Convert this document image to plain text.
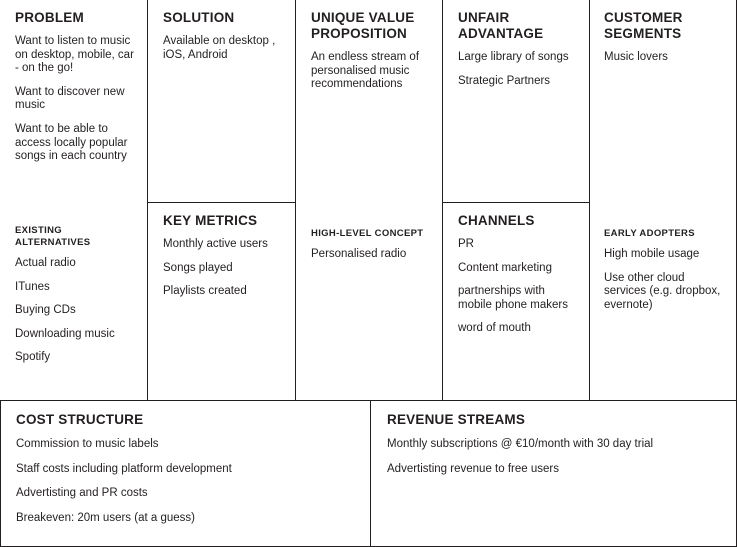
PROBLEM
Want to listen to music on desktop, mobile, car - on the go!
Want to discover new music
Want to be able to access locally popular songs in each country
EXISTING ALTERNATIVES
Actual radio
ITunes
Buying CDs
Downloading music
Spotify
SOLUTION
Available on desktop , iOS, Android
KEY METRICS
Monthly active users
Songs played
Playlists created
UNIQUE VALUE PROPOSITION
An endless stream of personalised music recommendations
HIGH-LEVEL CONCEPT
Personalised radio
UNFAIR ADVANTAGE
Large library of songs
Strategic Partners
CHANNELS
PR
Content marketing
partnerships with mobile phone makers
word of mouth
CUSTOMER SEGMENTS
Music lovers
EARLY ADOPTERS
High mobile usage
Use other cloud services (e.g. dropbox, evernote)
COST STRUCTURE
Commission to music labels
Staff costs including platform development
Advertisting and PR costs
Breakeven: 20m users (at a guess)
REVENUE STREAMS
Monthly subscriptions @ €10/month with 30 day trial
Advertisting revenue to free users
